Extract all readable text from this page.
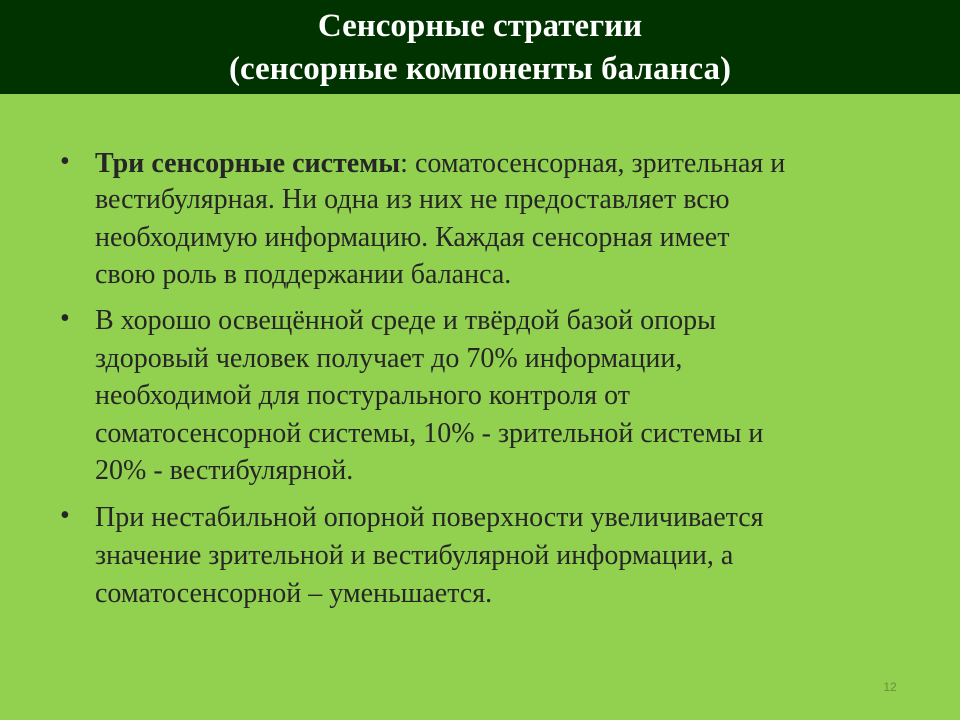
Сенсорные стратегии
(сенсорные компоненты баланса)
• Три сенсорные системы: соматосенсорная, зрительная и
вестибулярная. Ни одна из них не предоставляет всю
необходимую информацию. Каждая сенсорная имеет
свою роль в поддержании баланса.
• В хорошо освещённой среде и твёрдой базой опоры
здоровый человек получает до 70% информации,
необходимой для постурального контроля от
соматосенсорной системы, 10% - зрительной системы и
20% - вестибулярной.
• При нестабильной опорной поверхности увеличивается
значение зрительной и вестибулярной информации, а
соматосенсорной – уменьшается.
12
